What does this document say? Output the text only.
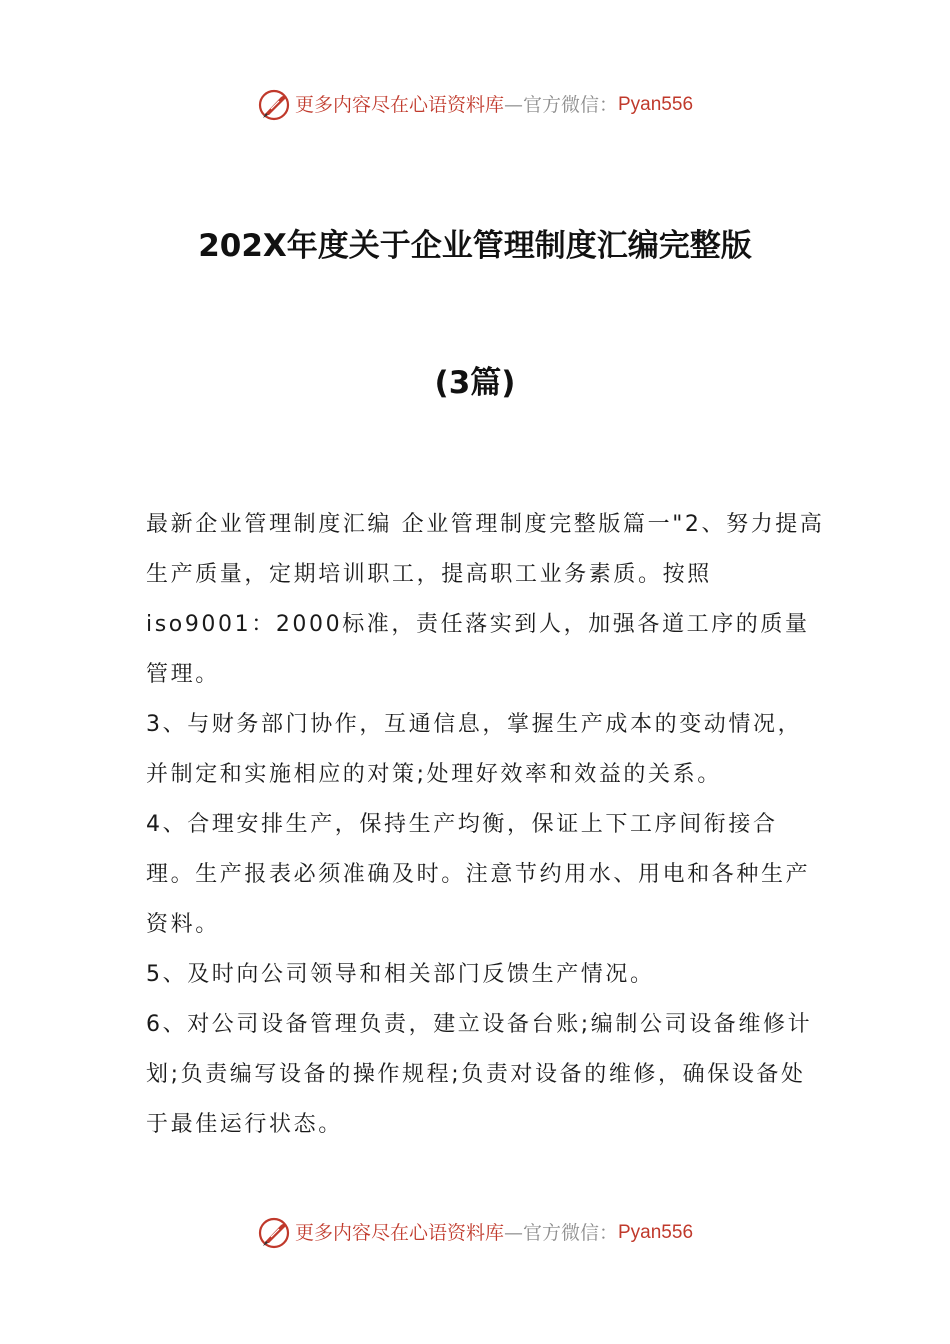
更多内容尽在心语资料库 — 官方微信： Pyan556
202X年度关于企业管理制度汇编完整版
(3篇)

最新企业管理制度汇编 企业管理制度完整版篇一"2、努力提高生产质量，定期培训职工，提高职工业务素质。按照iso9001：2000标准，责任落实到人，加强各道工序的质量管理。

3、与财务部门协作，互通信息，掌握生产成本的变动情况，并制定和实施相应的对策;处理好效率和效益的关系。

4、合理安排生产，保持生产均衡，保证上下工序间衔接合理。生产报表必须准确及时。注意节约用水、用电和各种生产资料。

5、及时向公司领导和相关部门反馈生产情况。

6、对公司设备管理负责，建立设备台账;编制公司设备维修计划;负责编写设备的操作规程;负责对设备的维修，确保设备处于最佳运行状态。

更多内容尽在心语资料库 — 官方微信： Pyan556
